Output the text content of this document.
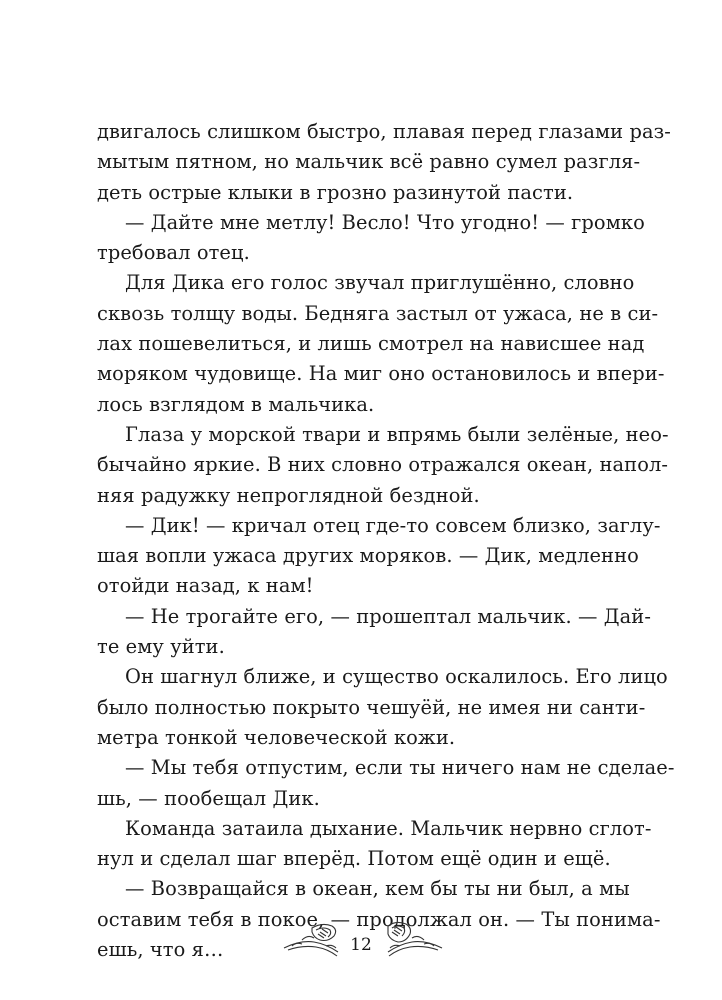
двигалось слишком быстро, плавая перед глазами раз-
мытым пятном, но мальчик всё равно сумел разгля-
деть острые клыки в грозно разинутой пасти.
— Дайте мне метлу! Весло! Что угодно! — громко
требовал отец.
Для Дика его голос звучал приглушённо, словно
сквозь толщу воды. Бедняга застыл от ужаса, не в си-
лах пошевелиться, и лишь смотрел на нависшее над
моряком чудовище. На миг оно остановилось и впери-
лось взглядом в мальчика.
Глаза у морской твари и впрямь были зелёные, нео-
бычайно яркие. В них словно отражался океан, напол-
няя радужку непроглядной бездной.
— Дик! — кричал отец где-то совсем близко, заглу-
шая вопли ужаса других моряков. — Дик, медленно
отойди назад, к нам!
— Не трогайте его, — прошептал мальчик. — Дай-
те ему уйти.
Он шагнул ближе, и существо оскалилось. Его лицо
было полностью покрыто чешуёй, не имея ни санти-
метра тонкой человеческой кожи.
— Мы тебя отпустим, если ты ничего нам не сделае-
шь, — пообещал Дик.
Команда затаила дыхание. Мальчик нервно сглот-
нул и сделал шаг вперёд. Потом ещё один и ещё.
— Возвращайся в океан, кем бы ты ни был, а мы
оставим тебя в покое, — продолжал он. — Ты понима-
ешь, что я…	12
